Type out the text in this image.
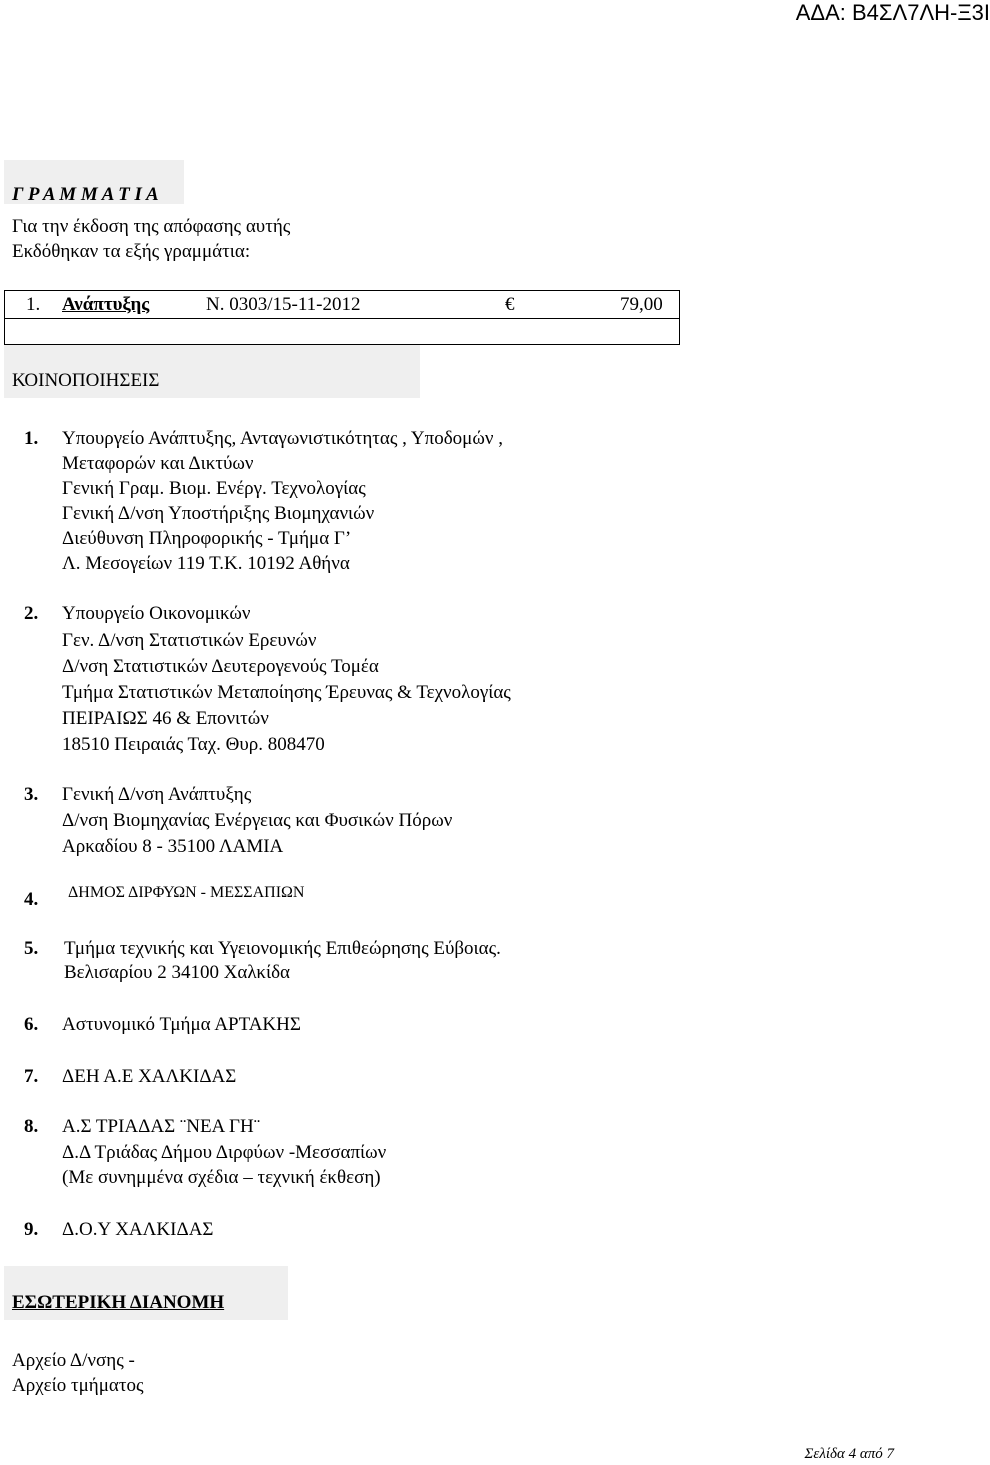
ΑΔΑ: Β4ΣΛ7ΛΗ-Ξ3Ι
Γ Ρ Α Μ Μ Α Τ Ι Α
Για την έκδοση της απόφασης αυτής
Εκδόθηκαν τα εξής γραμμάτια:
1. Ανάπτυξης	Ν. 0303/15-11-2012	€	79,00
ΚΟΙΝΟΠΟΙΗΣΕΙΣ
1. Υπουργείο Ανάπτυξης, Ανταγωνιστικότητας , Υποδομών ,
Μεταφορών και Δικτύων
Γενική Γραμ. Βιομ. Ενέργ. Τεχνολογίας
Γενική Δ/νση Υποστήριξης Βιομηχανιών
Διεύθυνση Πληροφορικής - Τμήμα Γ’
Λ. Μεσογείων 119 Τ.Κ. 10192 Αθήνα
2. Υπουργείο Οικονομικών
Γεν. Δ/νση Στατιστικών Ερευνών
Δ/νση Στατιστικών Δευτερογενούς Τομέα
Τμήμα Στατιστικών Μεταποίησης Έρευνας & Τεχνολογίας
ΠΕΙΡΑΙΩΣ 46 & Επονιτών
18510 Πειραιάς Ταχ. Θυρ. 808470
3. Γενική Δ/νση Ανάπτυξης
Δ/νση Βιομηχανίας Ενέργειας και Φυσικών Πόρων
Αρκαδίου 8 - 35100 ΛΑΜΙΑ
4. ΔΗΜΟΣ ΔΙΡΦΥΩΝ - ΜΕΣΣΑΠΙΩΝ
5. Τμήμα τεχνικής και Υγειονομικής Επιθεώρησης Εύβοιας.
Βελισαρίου 2 34100 Χαλκίδα
6. Αστυνομικό Τμήμα ΑΡΤΑΚΗΣ
7. ΔΕΗ Α.Ε ΧΑΛΚΙΔΑΣ
8. Α.Σ ΤΡΙΑΔΑΣ ¨ΝΕΑ ΓΗ¨
Δ.Δ Τριάδας Δήμου Διρφύων -Μεσσαπίων
(Με συνημμένα σχέδια – τεχνική έκθεση)
9. Δ.Ο.Υ ΧΑΛΚΙΔΑΣ
ΕΣΩΤΕΡΙΚΗ ΔΙΑΝΟΜΗ
Αρχείο Δ/νσης -
Αρχείο τμήματος
Σελίδα 4 από 7
